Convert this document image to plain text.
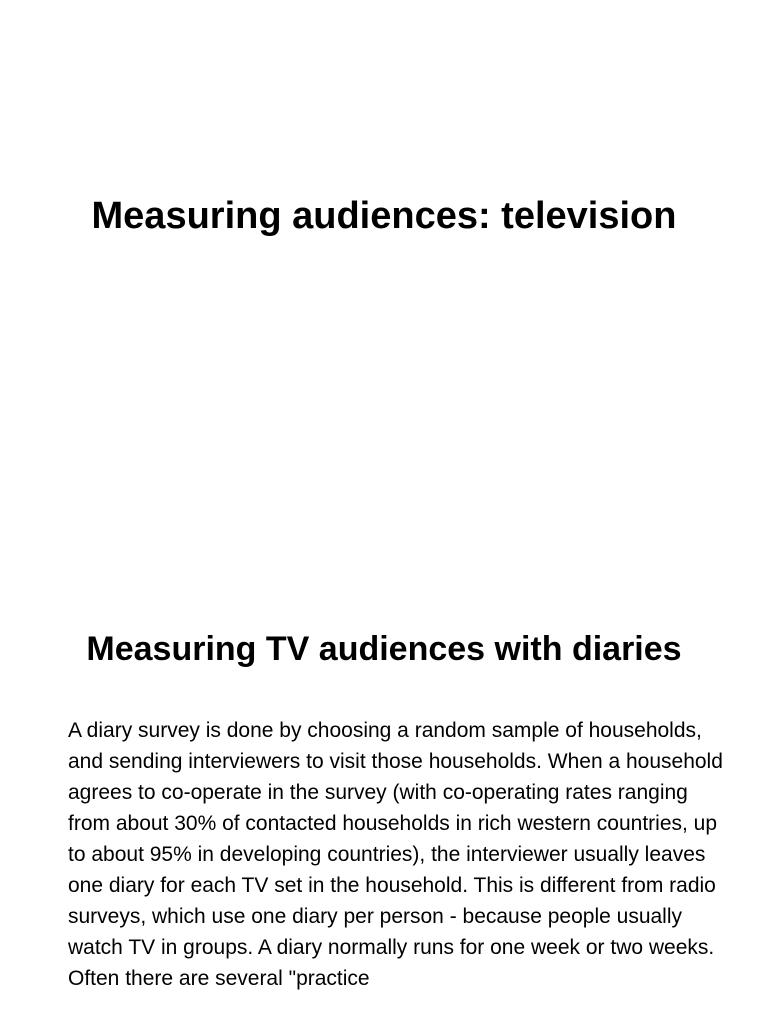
Measuring audiences: television
Measuring TV audiences with diaries

A diary survey is done by choosing a random sample of households, and sending interviewers to visit those households. When a household agrees to co-operate in the survey (with co-operating rates ranging from about 30% of contacted households in rich western countries, up to about 95% in developing countries), the interviewer usually leaves one diary for each TV set in the household. This is different from radio surveys, which use one diary per person - because people usually watch TV in groups. A diary normally runs for one week or two weeks. Often there are several "practice
